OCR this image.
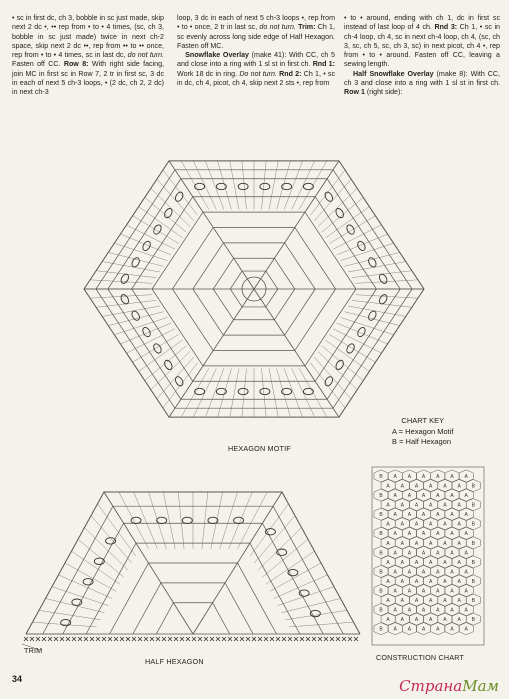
• sc in first dc, ch 3, bobble in sc just made, skip next 2 dc •, •• rep from • to • 4 times, (sc, ch 3, bobble in sc just made) twice in next ch-2 space, skip next 2 dc ••, rep from •• to •• once, rep from • to • 4 times, sc in last dc, do not turn. Fasten off CC. Row 8: With right side facing, join MC in first sc in Row 7, 2 tr in first sc, 3 dc in each of next 5 ch-3 loops, • (2 dc, ch 2, 2 dc) in next ch-3

loop, 3 dc in each of next 5 ch-3 loops •, rep from • to • once, 2 tr in last sc, do not turn. Trim: Ch 1, sc evenly across long side edge of Half Hexagon. Fasten off MC.

Snowflake Overlay (make 41): With CC, ch 5 and close into a ring with 1 sl st in first ch. Rnd 1: Work 18 dc in ring. Do not turn. Rnd 2: Ch 1, • sc in dc, ch 4, picot, ch 4, skip next 2 sts •, rep from

• to • around, ending with ch 1, dc in first sc instead of last loop of 4 ch. Rnd 3: Ch 1, • sc in ch-4 loop, ch 4, sc in next ch-4 loop, ch 4, (sc, ch 3, sc, ch 5, sc, ch 3, sc) in next picot, ch 4 •, rep from • to • around. Fasten off CC, leaving a sewing length.

Half Snowflake Overlay (make 8): With CC, ch 3 and close into a ring with 1 sl st in first ch. Row 1 (right side):

B A A A A A A
A A A A A A B
B A A A A A A
A A A A A A B
B A A A A A A
A A A A A A B
B A A A A A A
A A A A A A B
B A A A A A A
A A A A A A B
B A A A A A A
A A A A A A B
B A A A A A A
A A A A A A B
B A A A A A A
A A A A A A B
B A A A A A A
HEXAGON MOTIF
TRIM
HALF HEXAGON	CONSTRUCTION CHART
CHART KEY
A = Hexagon Motif
B = Half Hexagon
34	СтранаМам
